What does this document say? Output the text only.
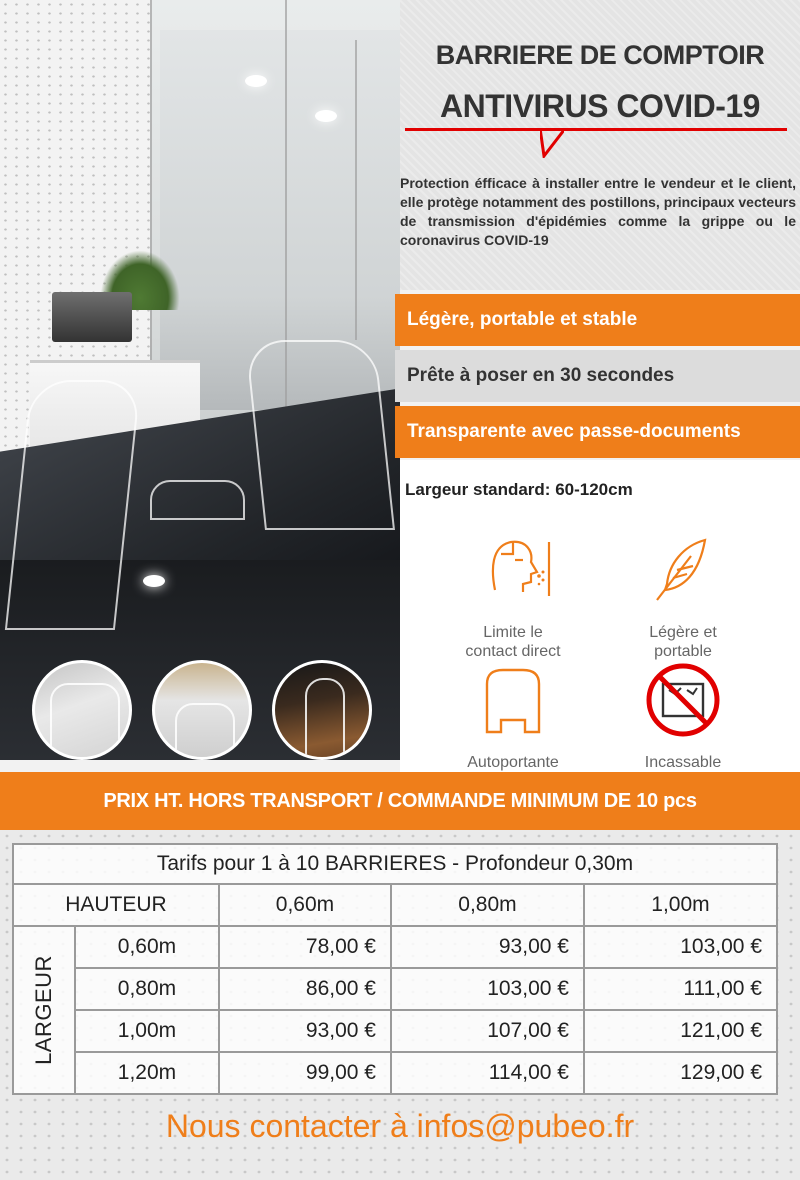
BARRIERE DE COMPTOIR
ANTIVIRUS COVID-19
Protection éfficace à installer entre le vendeur et le client, elle protège notamment des postillons, principaux vecteurs de transmission d'épidémies comme la grippe ou le coronavirus COVID-19
Légère, portable et stable
Prête à poser en 30 secondes
Transparente avec passe-documents
Largeur standard: 60-120cm
Limite le
contact direct
Légère et
portable
Autoportante	Incassable
PRIX HT. HORS TRANSPORT / COMMANDE MINIMUM DE 10 pcs
Tarifs pour 1 à 10 BARRIERES - Profondeur 0,30m				
HAUTEUR		0,60m	0,80m	1,00m

LARGEUR	0,60m	78,00 €	93,00 €	103,00 €
	0,80m	86,00 €	103,00 €	111,00 €
	1,00m	93,00 €	107,00 €	121,00 €
	1,20m	99,00 €	114,00 €	129,00 €
Nous contacter à infos@pubeo.fr
